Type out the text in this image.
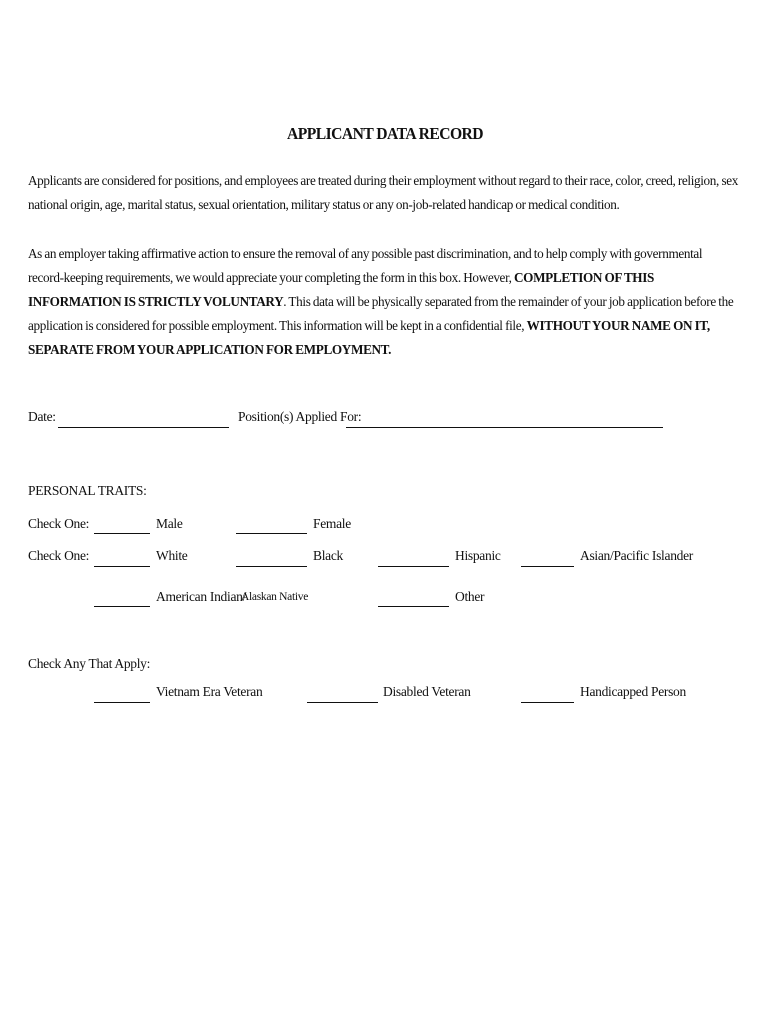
APPLICANT DATA RECORD
Applicants are considered for positions, and employees are treated during their employment without regard to their race, color, creed, religion, sex national origin, age, marital status, sexual orientation, military status or any on-job-related handicap or medical condition.
As an employer taking affirmative action to ensure the removal of any possible past discrimination, and to help comply with governmental record-keeping requirements, we would appreciate your completing the form in this box. However, COMPLETION OF THIS INFORMATION IS STRICTLY VOLUNTARY. This data will be physically separated from the remainder of your job application before the application is considered for possible employment. This information will be kept in a confidential file, WITHOUT YOUR NAME ON IT, SEPARATE FROM YOUR APPLICATION FOR EMPLOYMENT.
Date:	Position(s) Applied For:
PERSONAL TRAITS:
Check One:	Male	Female
Check One:	White	Black	Hispanic	Asian/Pacific Islander
American Indian/
Alaskan Native	Other
Check Any That Apply:
Vietnam Era Veteran	Disabled Veteran	Handicapped Person
